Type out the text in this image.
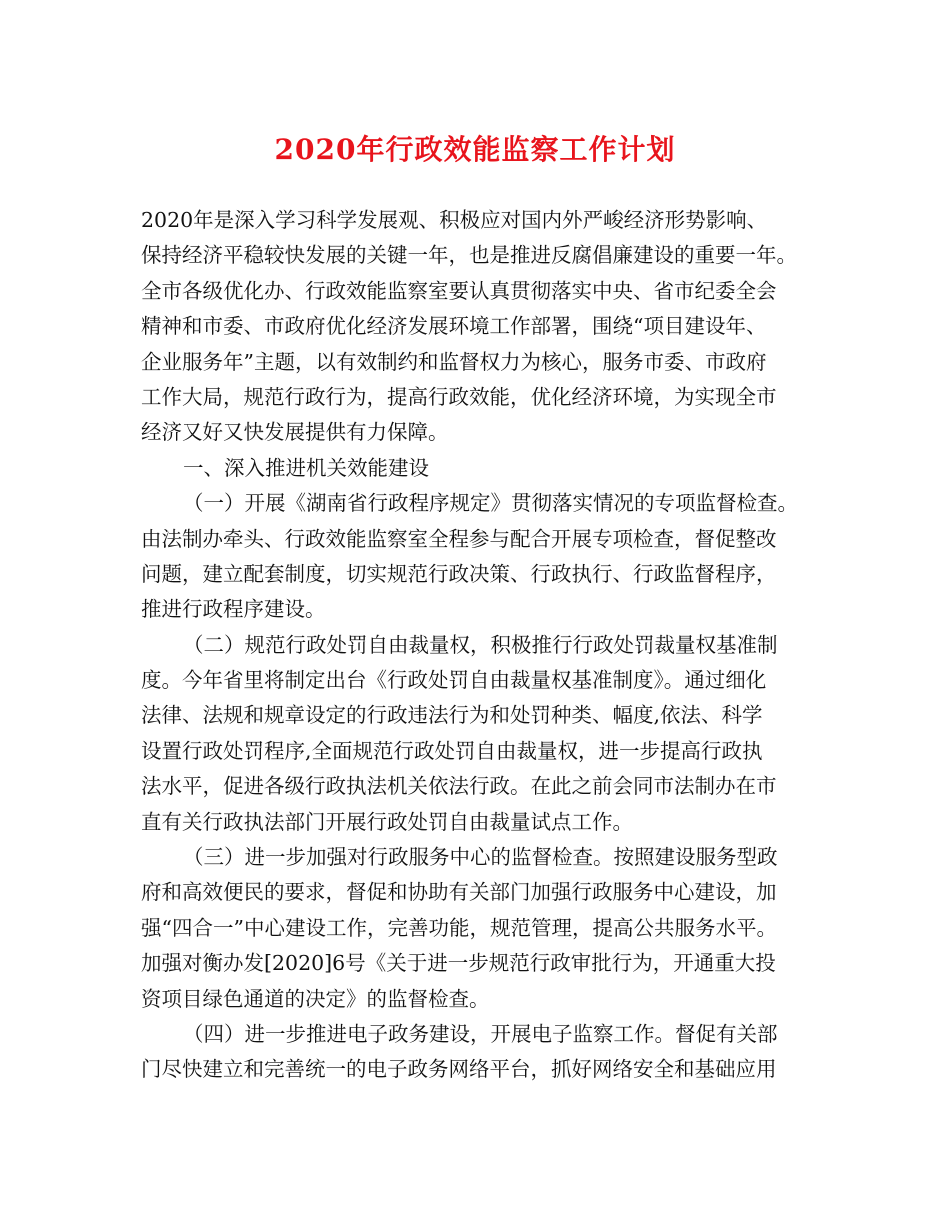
2020年行政效能监察工作计划
2020年是深入学习科学发展观、积极应对国内外严峻经济形势影响、
保持经济平稳较快发展的关键一年，也是推进反腐倡廉建设的重要一年。
全市各级优化办、行政效能监察室要认真贯彻落实中央、省市纪委全会
精神和市委、市政府优化经济发展环境工作部署，围绕“项目建设年、
企业服务年”主题，以有效制约和监督权力为核心，服务市委、市政府
工作大局，规范行政行为，提高行政效能，优化经济环境，为实现全市
经济又好又快发展提供有力保障。
一、深入推进机关效能建设
（一）开展《湖南省行政程序规定》贯彻落实情况的专项监督检查。
由法制办牵头、行政效能监察室全程参与配合开展专项检查，督促整改
问题，建立配套制度，切实规范行政决策、行政执行、行政监督程序，
推进行政程序建设。
（二）规范行政处罚自由裁量权，积极推行行政处罚裁量权基准制
度。今年省里将制定出台《行政处罚自由裁量权基准制度》。通过细化
法律、法规和规章设定的行政违法行为和处罚种类、幅度,依法、科学
设置行政处罚程序,全面规范行政处罚自由裁量权，进一步提高行政执
法水平，促进各级行政执法机关依法行政。在此之前会同市法制办在市
直有关行政执法部门开展行政处罚自由裁量试点工作。
（三）进一步加强对行政服务中心的监督检查。按照建设服务型政
府和高效便民的要求，督促和协助有关部门加强行政服务中心建设，加
强“四合一”中心建设工作，完善功能，规范管理，提高公共服务水平。
加强对衡办发[2020]6号《关于进一步规范行政审批行为，开通重大投
资项目绿色通道的决定》的监督检查。
（四）进一步推进电子政务建设，开展电子监察工作。督促有关部
门尽快建立和完善统一的电子政务网络平台，抓好网络安全和基础应用
